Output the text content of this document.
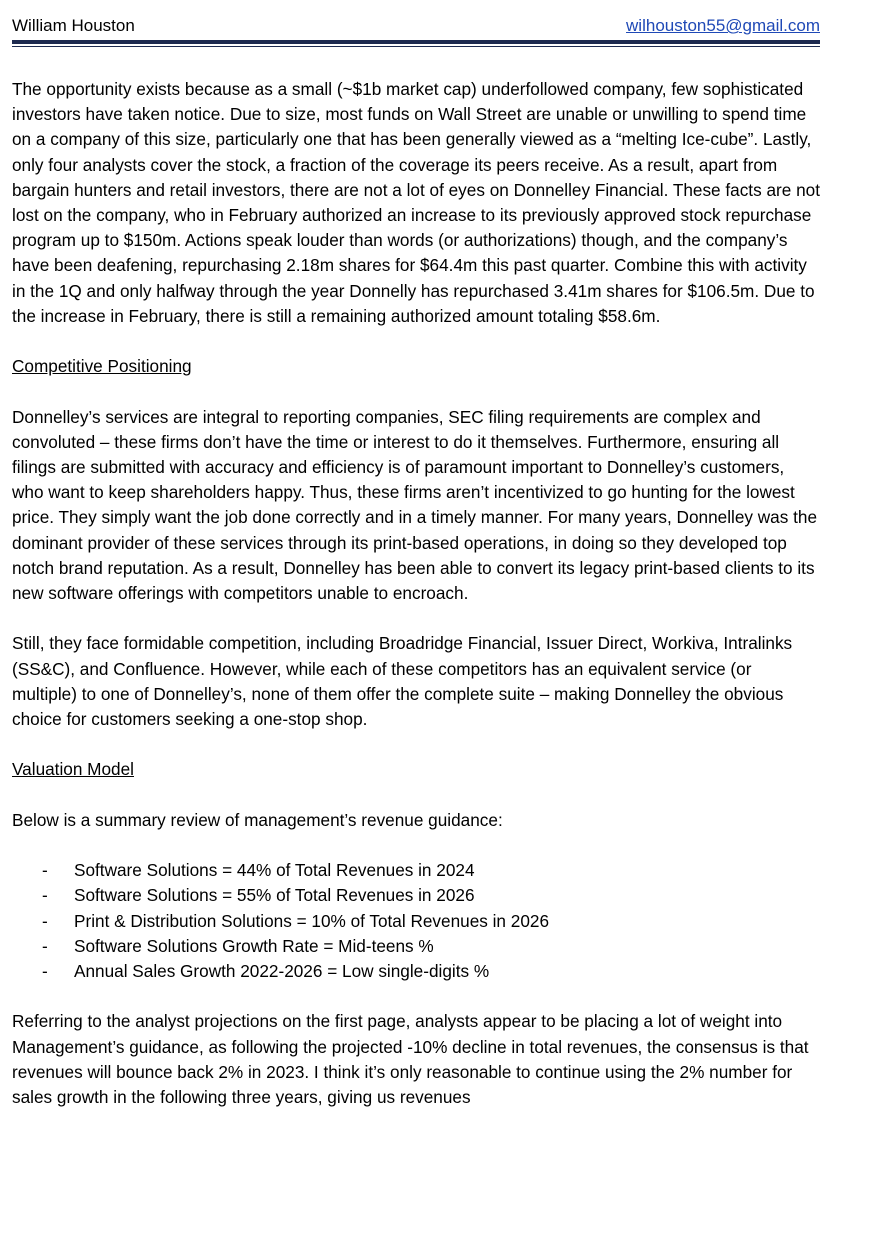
William Houston	wilhouston55@gmail.com

The opportunity exists because as a small (~$1b market cap) underfollowed company, few sophisticated investors have taken notice. Due to size, most funds on Wall Street are unable or unwilling to spend time on a company of this size, particularly one that has been generally viewed as a “melting Ice-cube”. Lastly, only four analysts cover the stock, a fraction of the coverage its peers receive. As a result, apart from bargain hunters and retail investors, there are not a lot of eyes on Donnelley Financial. These facts are not lost on the company, who in February authorized an increase to its previously approved stock repurchase program up to $150m. Actions speak louder than words (or authorizations) though, and the company’s have been deafening, repurchasing 2.18m shares for $64.4m this past quarter. Combine this with activity in the 1Q and only halfway through the year Donnelly has repurchased 3.41m shares for $106.5m. Due to the increase in February, there is still a remaining authorized amount totaling $58.6m.

Competitive Positioning

Donnelley’s services are integral to reporting companies, SEC filing requirements are complex and convoluted – these firms don’t have the time or interest to do it themselves. Furthermore, ensuring all filings are submitted with accuracy and efficiency is of paramount important to Donnelley’s customers, who want to keep shareholders happy. Thus, these firms aren’t incentivized to go hunting for the lowest price. They simply want the job done correctly and in a timely manner. For many years, Donnelley was the dominant provider of these services through its print-based operations, in doing so they developed top notch brand reputation. As a result, Donnelley has been able to convert its legacy print-based clients to its new software offerings with competitors unable to encroach.

Still, they face formidable competition, including Broadridge Financial, Issuer Direct, Workiva, Intralinks (SS&C), and Confluence. However, while each of these competitors has an equivalent service (or multiple) to one of Donnelley’s, none of them offer the complete suite – making Donnelley the obvious choice for customers seeking a one-stop shop.

Valuation Model

Below is a summary review of management’s revenue guidance:

- Software Solutions = 44% of Total Revenues in 2024
- Software Solutions = 55% of Total Revenues in 2026
- Print & Distribution Solutions = 10% of Total Revenues in 2026
- Software Solutions Growth Rate = Mid-teens %
- Annual Sales Growth 2022-2026 = Low single-digits %

Referring to the analyst projections on the first page, analysts appear to be placing a lot of weight into Management’s guidance, as following the projected -10% decline in total revenues, the consensus is that revenues will bounce back 2% in 2023. I think it’s only reasonable to continue using the 2% number for sales growth in the following three years, giving us revenues
